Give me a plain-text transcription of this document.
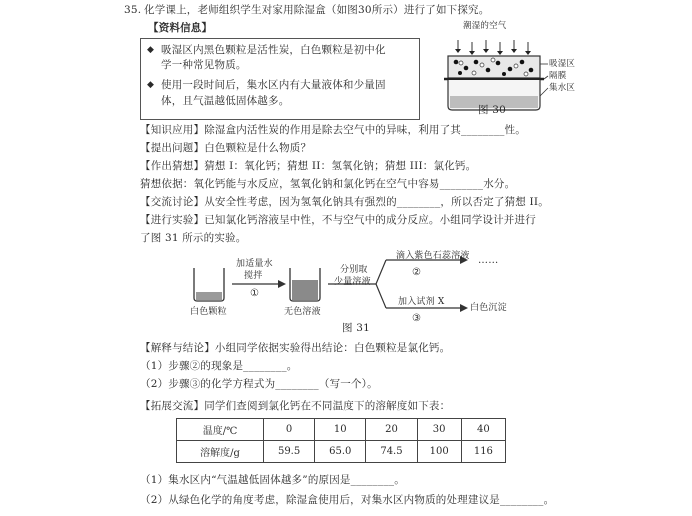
35. 化学课上，老师组织学生对家用除湿盒（如图30所示）进行了如下探究。
【资料信息】
◆ 吸湿区内黑色颗粒是活性炭，白色颗粒是初中化
学一种常见物质。
◆ 使用一段时间后，集水区内有大量液体和少量固
体，且气温越低固体越多。
潮湿的空气
吸湿区
隔膜
集水区
图 30
【知识应用】除湿盒内活性炭的作用是除去空气中的异味，利用了其________性。
【提出问题】白色颗粒是什么物质？
【作出猜想】猜想 I：氧化钙；猜想 II：氢氧化钠；猜想 III：氯化钙。
猜想依据：氧化钙能与水反应，氢氧化钠和氯化钙在空气中容易________水分。
【交流讨论】从安全性考虑，因为氢氧化钠具有强烈的________，所以否定了猜想 II。
【进行实验】已知氯化钙溶液呈中性，不与空气中的成分反应。小组同学设计并进行
了图 31 所示的实验。
加适量水
搅拌
①
分别取
少量溶液
滴入紫色石蕊溶液 ……
②
加入试剂 X
白色沉淀
③
白色颗粒	无色溶液
图 31
【解释与结论】小组同学依据实验得出结论：白色颗粒是氯化钙。
（1）步骤②的现象是________。
（2）步骤③的化学方程式为________（写一个）。
【拓展交流】同学们查阅到氯化钙在不同温度下的溶解度如下表：
温度/℃	0	10	20	30	40
溶解度/g	59.5	65.0	74.5	100	116
（1）集水区内“气温越低固体越多”的原因是________。
（2）从绿色化学的角度考虑，除湿盒使用后，对集水区内物质的处理建议是________。
